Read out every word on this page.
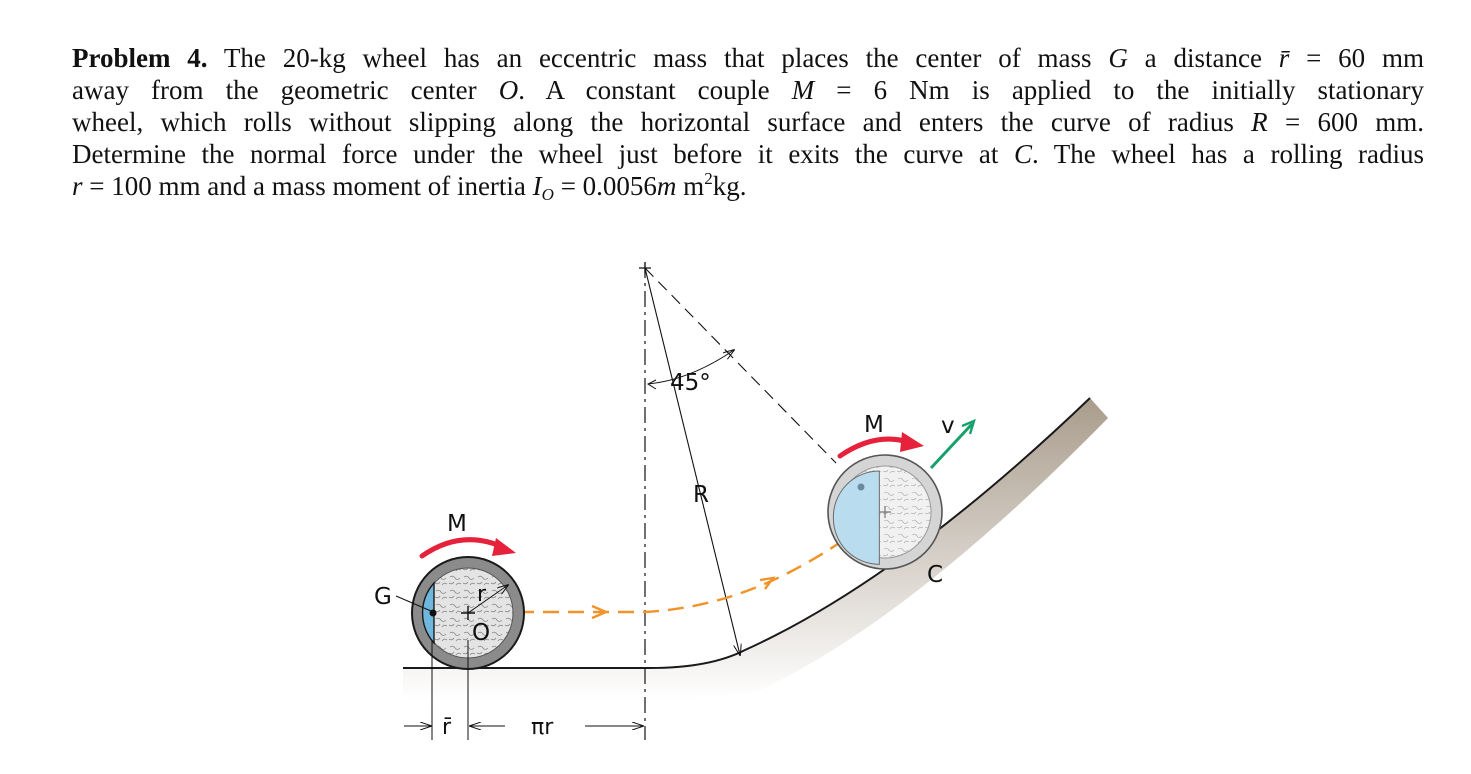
Problem 4. The 20-kg wheel has an eccentric mass that places the center of mass G a distance r̄ = 60 mm
away from the geometric center O. A constant couple M = 6 Nm is applied to the initially stationary
wheel, which rolls without slipping along the horizontal surface and enters the curve of radius R = 600 mm.
Determine the normal force under the wheel just before it exits the curve at C. The wheel has a rolling radius
r = 100 mm and a mass moment of inertia $I_O = 0.0056m$ $m^2kg$.
M
G	r
O
45°
R
M v
C
r̄	πr
